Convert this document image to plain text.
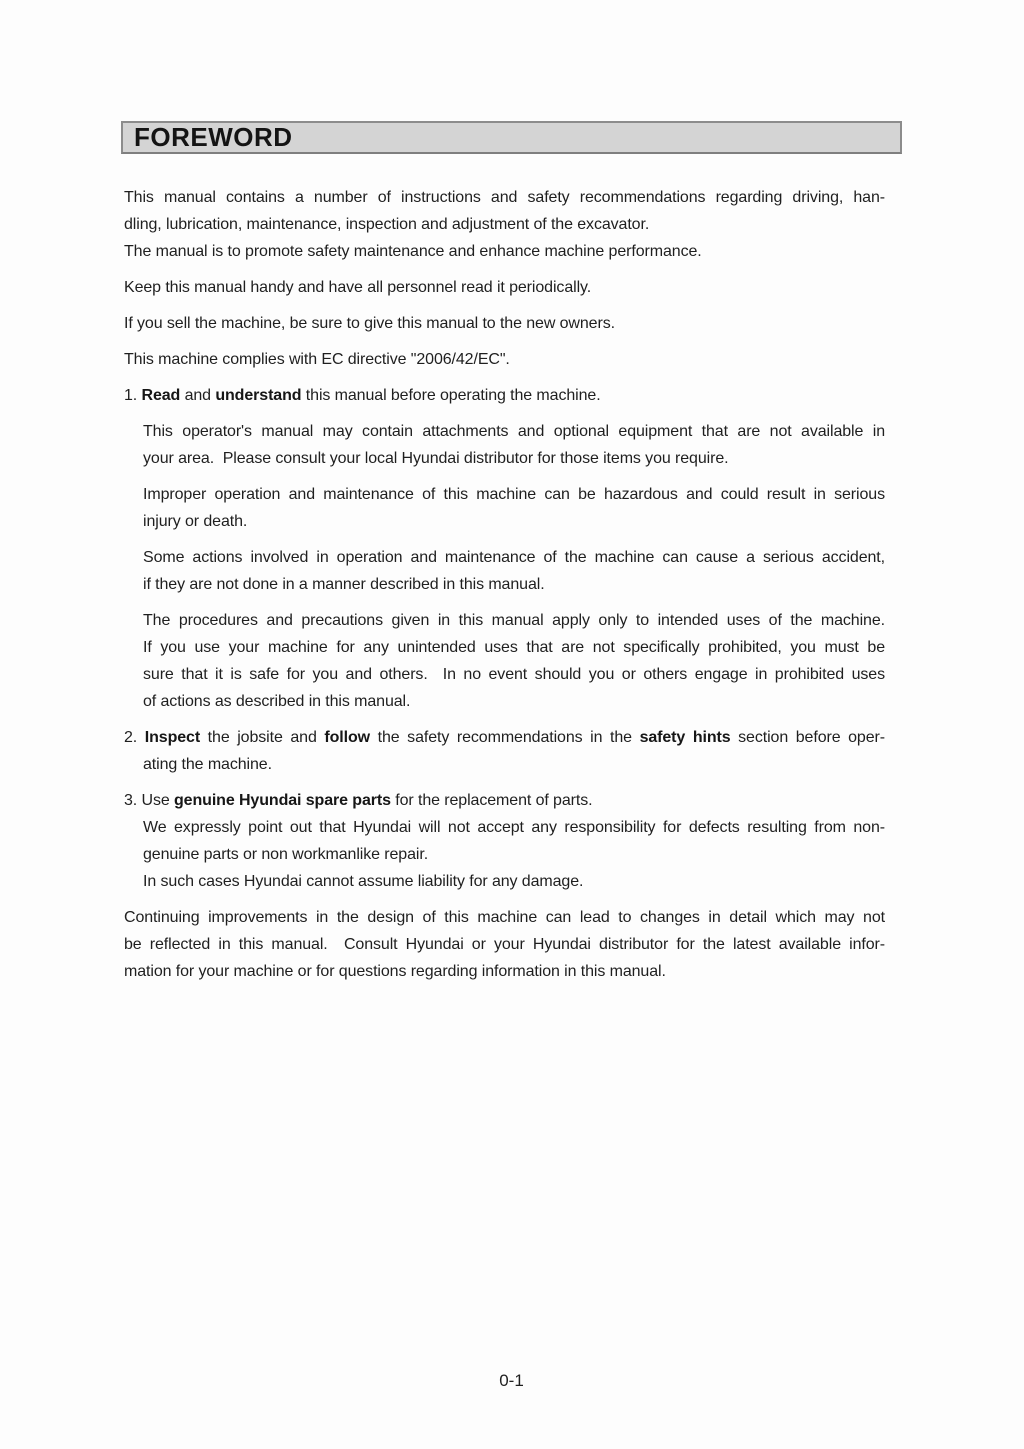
FOREWORD
This manual contains a number of instructions and safety recommendations regarding driving, han-
dling, lubrication, maintenance, inspection and adjustment of the excavator.
The manual is to promote safety maintenance and enhance machine performance.
Keep this manual handy and have all personnel read it periodically.
If you sell the machine, be sure to give this manual to the new owners.
This machine complies with EC directive "2006/42/EC".
1. Read and understand this manual before operating the machine.
This operator's manual may contain attachments and optional equipment that are not available in
your area.  Please consult your local Hyundai distributor for those items you require.
Improper operation and maintenance of this machine can be hazardous and could result in serious
injury or death.
Some actions involved in operation and maintenance of the machine can cause a serious accident,
if they are not done in a manner described in this manual.
The procedures and precautions given in this manual apply only to intended uses of the machine.
If you use your machine for any unintended uses that are not specifically prohibited, you must be
sure that it is safe for you and others.  In no event should you or others engage in prohibited uses
of actions as described in this manual.
2. Inspect the jobsite and follow the safety recommendations in the safety hints section before oper-
ating the machine.
3. Use genuine Hyundai spare parts for the replacement of parts.
We expressly point out that Hyundai will not accept any responsibility for defects resulting from non-
genuine parts or non workmanlike repair.
In such cases Hyundai cannot assume liability for any damage.
Continuing improvements in the design of this machine can lead to changes in detail which may not
be reflected in this manual.  Consult Hyundai or your Hyundai distributor for the latest available infor-
mation for your machine or for questions regarding information in this manual.
0-1
